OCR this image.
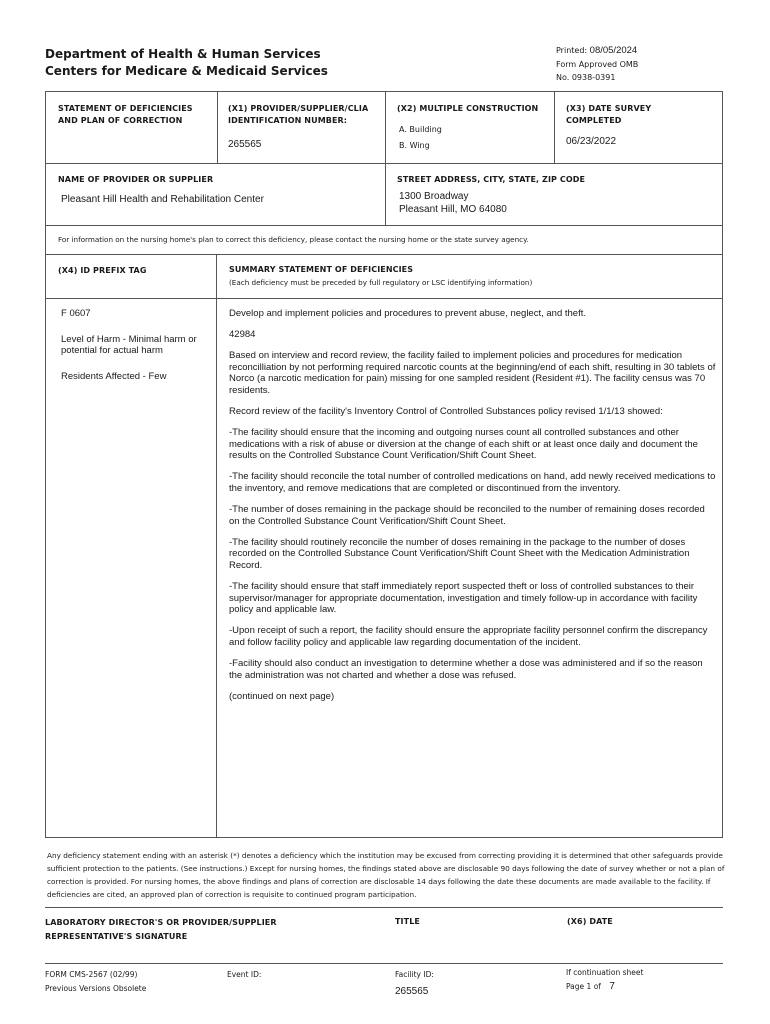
Department of Health & Human Services
Centers for Medicare & Medicaid Services
Printed: 08/05/2024
Form Approved OMB
No. 0938-0391
STATEMENT OF DEFICIENCIES AND PLAN OF CORRECTION
(X1) PROVIDER/SUPPLIER/CLIA IDENTIFICATION NUMBER:
265565
(X2) MULTIPLE CONSTRUCTION
A. Building
B. Wing
(X3) DATE SURVEY COMPLETED
06/23/2022
NAME OF PROVIDER OR SUPPLIER
Pleasant Hill Health and Rehabilitation Center
STREET ADDRESS, CITY, STATE, ZIP CODE
1300 Broadway
Pleasant Hill, MO 64080
For information on the nursing home's plan to correct this deficiency, please contact the nursing home or the state survey agency.
(X4) ID PREFIX TAG	SUMMARY STATEMENT OF DEFICIENCIES
(Each deficiency must be preceded by full regulatory or LSC identifying information)

F 0607

Level of Harm - Minimal harm or potential for actual harm

Residents Affected - Few

Develop and implement policies and procedures to prevent abuse, neglect, and theft.

42984

Based on interview and record review, the facility failed to implement policies and procedures for medication reconcilliation by not performing required narcotic counts at the beginning/end of each shift, resulting in 30 tablets of Norco (a narcotic medication for pain) missing for one sampled resident (Resident #1). The facility census was 70 residents.

Record review of the facility's Inventory Control of Controlled Substances policy revised 1/1/13 showed:

-The facility should ensure that the incoming and outgoing nurses count all controlled substances and other medications with a risk of abuse or diversion at the change of each shift or at least once daily and document the results on the Controlled Substance Count Verification/Shift Count Sheet.

-The facility should reconcile the total number of controlled medications on hand, add newly received medications to the inventory, and remove medications that are completed or discontinued from the inventory.

-The number of doses remaining in the package should be reconciled to the number of remaining doses recorded on the Controlled Substance Count Verification/Shift Count Sheet.

-The facility should routinely reconcile the number of doses remaining in the package to the number of doses recorded on the Controlled Substance Count Verification/Shift Count Sheet with the Medication Administration Record.

-The facility should ensure that staff immediately report suspected theft or loss of controlled substances to their supervisor/manager for appropriate documentation, investigation and timely follow-up in accordance with facility policy and applicable law.

-Upon receipt of such a report, the facility should ensure the appropriate facility personnel confirm the discrepancy and follow facility policy and applicable law regarding documentation of the incident.

-Facility should also conduct an investigation to determine whether a dose was administered and if so the reason the administration was not charted and whether a dose was refused.

(continued on next page)

Any deficiency statement ending with an asterisk (*) denotes a deficiency which the institution may be excused from correcting providing it is determined that other safeguards provide sufficient protection to the patients. (See instructions.) Except for nursing homes, the findings stated above are disclosable 90 days following the date of survey whether or not a plan of correction is provided. For nursing homes, the above findings and plans of correction are disclosable 14 days following the date these documents are made available to the facility. If deficiencies are cited, an approved plan of correction is requisite to continued program participation.
LABORATORY DIRECTOR'S OR PROVIDER/SUPPLIER REPRESENTATIVE'S SIGNATURE
TITLE	(X6) DATE
FORM CMS-2567 (02/99)
Previous Versions Obsolete
Event ID:	Facility ID:
265565
If continuation sheet
Page 1 of 7
